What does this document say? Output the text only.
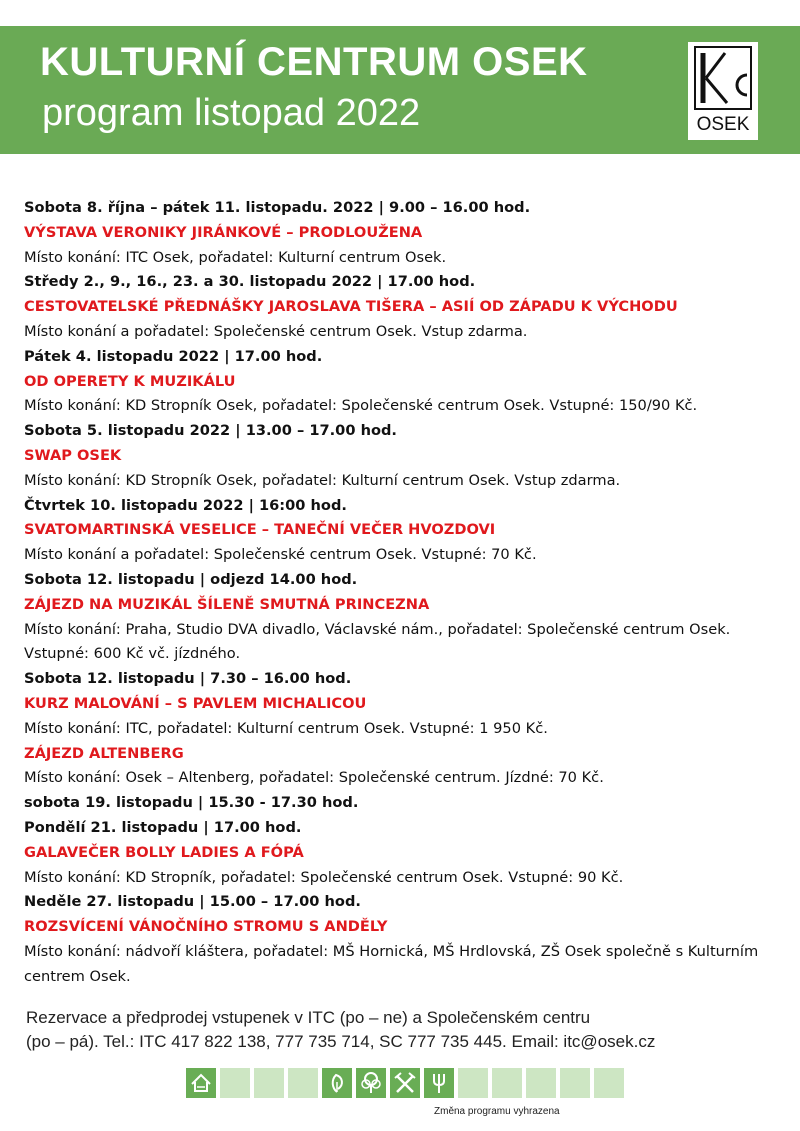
KULTURNÍ CENTRUM OSEK
program listopad 2022	OSEK
Sobota 8. října – pátek 11. listopadu. 2022 | 9.00 – 16.00 hod.
VÝSTAVA VERONIKY JIRÁNKOVÉ – PRODLOUŽENA
Místo konání: ITC Osek, pořadatel: Kulturní centrum Osek.
Středy 2., 9., 16., 23. a 30. listopadu 2022 | 17.00 hod.
CESTOVATELSKÉ PŘEDNÁŠKY JAROSLAVA TIŠERA – ASIÍ OD ZÁPADU K VÝCHODU
Místo konání a pořadatel: Společenské centrum Osek. Vstup zdarma.
Pátek 4. listopadu 2022 | 17.00 hod.
OD OPERETY K MUZIKÁLU
Místo konání: KD Stropník Osek, pořadatel: Společenské centrum Osek. Vstupné: 150/90 Kč.
Sobota 5. listopadu 2022 | 13.00 – 17.00 hod.
SWAP OSEK
Místo konání: KD Stropník Osek, pořadatel: Kulturní centrum Osek. Vstup zdarma.
Čtvrtek 10. listopadu 2022 | 16:00 hod.
SVATOMARTINSKÁ VESELICE – TANEČNÍ VEČER HVOZDOVI
Místo konání a pořadatel: Společenské centrum Osek. Vstupné: 70 Kč.
Sobota 12. listopadu | odjezd 14.00 hod.
ZÁJEZD NA MUZIKÁL ŠÍLENĚ SMUTNÁ PRINCEZNA
Místo konání: Praha, Studio DVA divadlo, Václavské nám., pořadatel: Společenské centrum Osek. Vstupné: 600 Kč vč. jízdného.
Sobota 12. listopadu | 7.30 – 16.00 hod.
KURZ MALOVÁNÍ – S PAVLEM MICHALICOU
Místo konání: ITC, pořadatel: Kulturní centrum Osek. Vstupné: 1 950 Kč.
ZÁJEZD ALTENBERG
Místo konání: Osek – Altenberg, pořadatel: Společenské centrum. Jízdné: 70 Kč.
sobota 19. listopadu | 15.30 - 17.30 hod.
Pondělí 21. listopadu | 17.00 hod.
GALAVEČER BOLLY LADIES A FÓPÁ
Místo konání: KD Stropník, pořadatel: Společenské centrum Osek. Vstupné: 90 Kč.
Neděle 27. listopadu | 15.00 – 17.00 hod.
ROZSVÍCENÍ VÁNOČNÍHO STROMU S ANDĚLY
Místo konání: nádvoří kláštera, pořadatel: MŠ Hornická, MŠ Hrdlovská, ZŠ Osek společně s Kulturním centrem Osek.
Rezervace a předprodej vstupenek v ITC (po – ne) a Společenském centru
(po – pá). Tel.: ITC 417 822 138, 777 735 714, SC 777 735 445. Email: itc@osek.cz
Změna programu vyhrazena
